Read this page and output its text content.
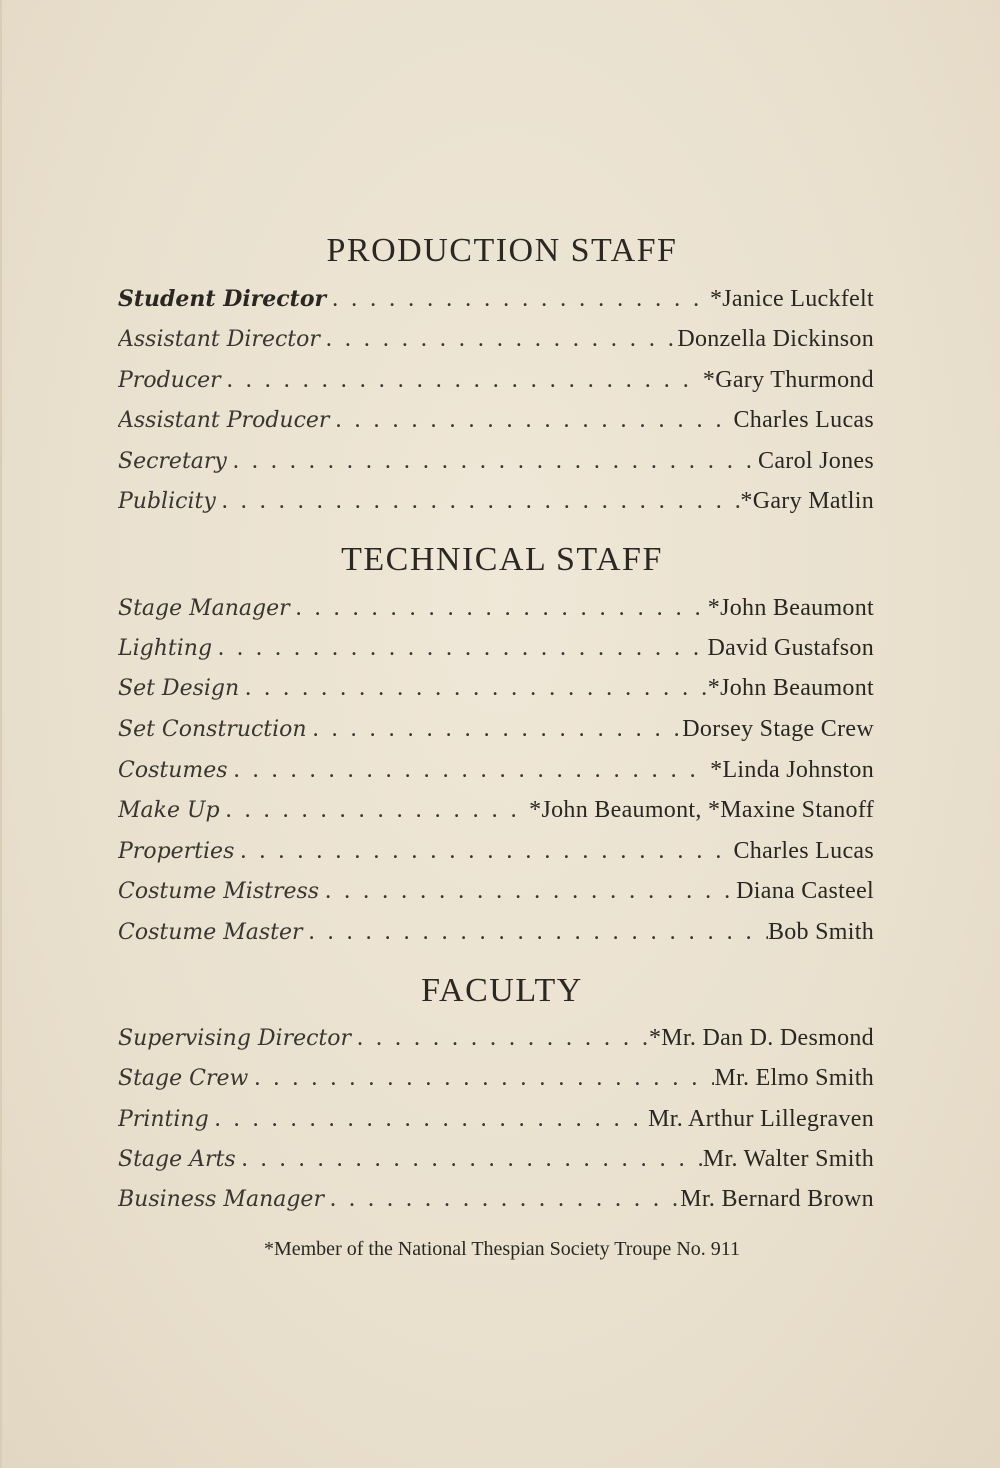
PRODUCTION STAFF
Student Director . . .	*Janice Luckfelt
Assistant Director . . .	Donzella Dickinson
Producer . . .	*Gary Thurmond
Assistant Producer . . .	Charles Lucas
Secretary . . .	Carol Jones
Publicity . . .	*Gary Matlin
TECHNICAL STAFF
Stage Manager . . .	*John Beaumont
Lighting . . .	David Gustafson
Set Design . . .	*John Beaumont
Set Construction . . .	Dorsey Stage Crew
Costumes . . .	*Linda Johnston
Make Up . . .	*John Beaumont, *Maxine Stanoff
Properties . . .	Charles Lucas
Costume Mistress . . .	Diana Casteel
Costume Master . . .	Bob Smith
FACULTY
Supervising Director . . .	*Mr. Dan D. Desmond
Stage Crew . . .	Mr. Elmo Smith
Printing . . .	Mr. Arthur Lillegraven
Stage Arts . . .	Mr. Walter Smith
Business Manager . . .	Mr. Bernard Brown
*Member of the National Thespian Society Troupe No. 911
